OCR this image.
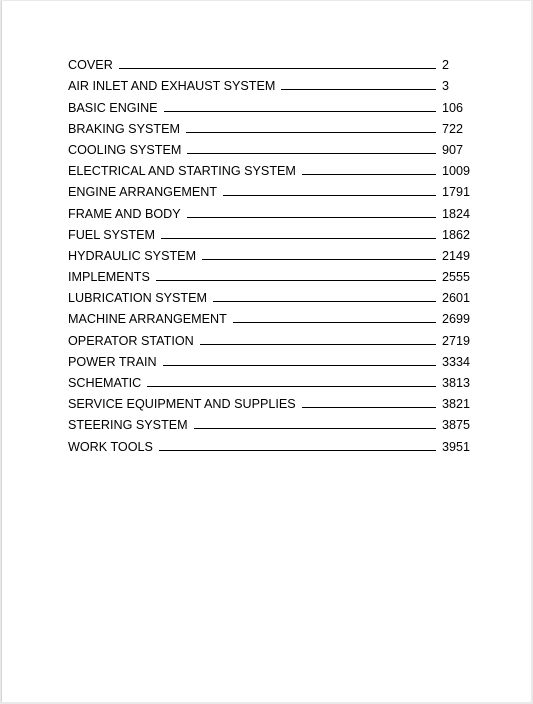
COVER	2
AIR INLET AND EXHAUST SYSTEM	3
BASIC ENGINE	106
BRAKING SYSTEM	722
COOLING SYSTEM	907
ELECTRICAL AND STARTING SYSTEM	1009
ENGINE ARRANGEMENT	1791
FRAME AND BODY	1824
FUEL SYSTEM	1862
HYDRAULIC SYSTEM	2149
IMPLEMENTS	2555
LUBRICATION SYSTEM	2601
MACHINE ARRANGEMENT	2699
OPERATOR STATION	2719
POWER TRAIN	3334
SCHEMATIC	3813
SERVICE EQUIPMENT AND SUPPLIES	3821
STEERING SYSTEM	3875
WORK TOOLS	3951
